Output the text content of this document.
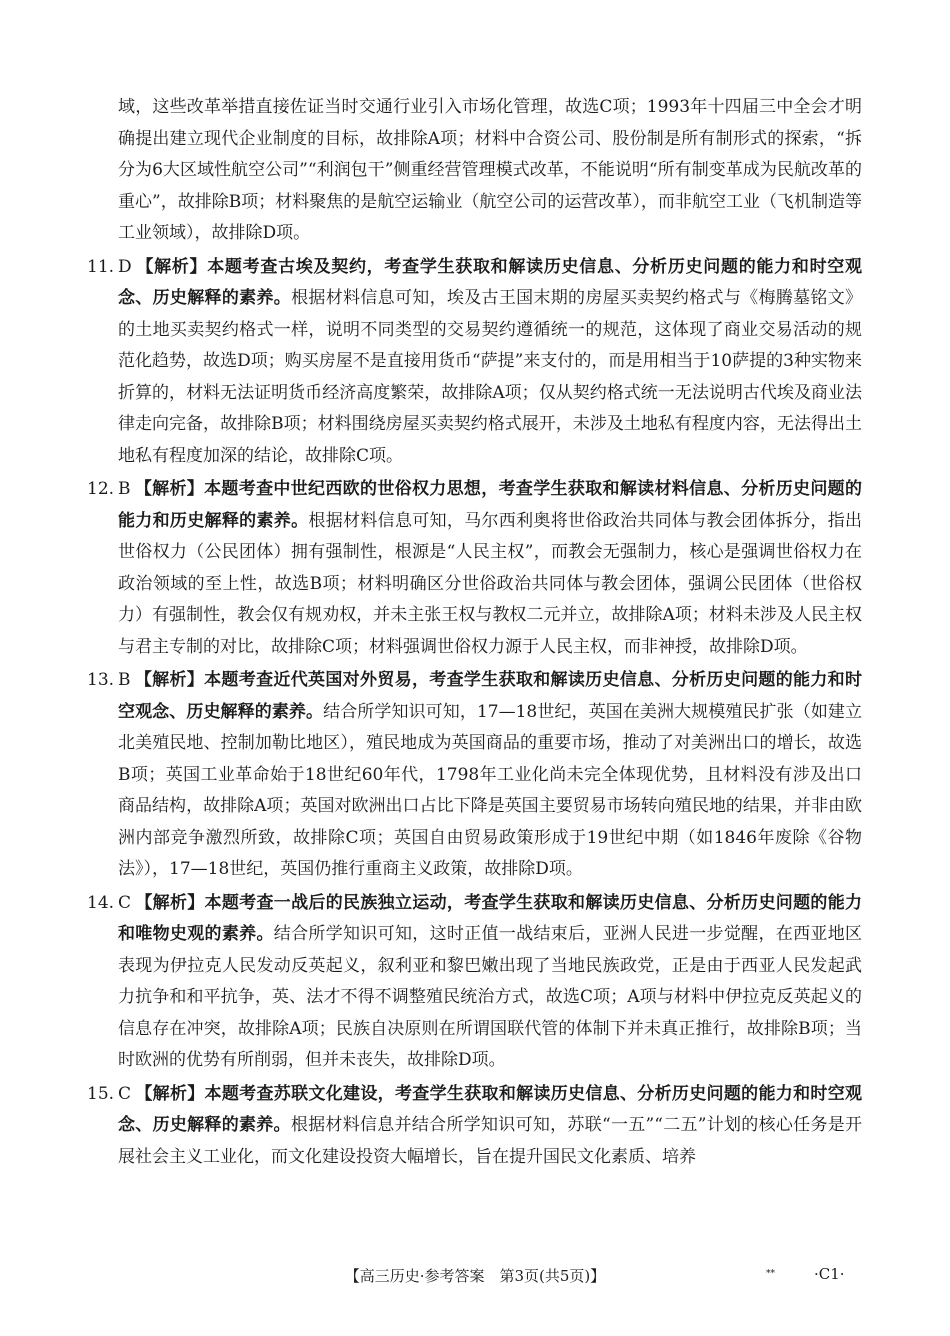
域，这些改革举措直接佐证当时交通行业引入市场化管理，故选C项；1993年十四届三中全会才明确提出建立现代企业制度的目标，故排除A项；材料中合资公司、股份制是所有制形式的探索，“拆分为6大区域性航空公司”“利润包干”侧重经营管理模式改革，不能说明“所有制变革成为民航改革的重心”，故排除B项；材料聚焦的是航空运输业（航空公司的运营改革），而非航空工业（飞机制造等工业领域），故排除D项。

11. D 【解析】本题考查古埃及契约，考查学生获取和解读历史信息、分析历史问题的能力和时空观念、历史解释的素养。根据材料信息可知，埃及古王国末期的房屋买卖契约格式与《梅腾墓铭文》的土地买卖契约格式一样，说明不同类型的交易契约遵循统一的规范，这体现了商业交易活动的规范化趋势，故选D项；购买房屋不是直接用货币“萨提”来支付的，而是用相当于10萨提的3种实物来折算的，材料无法证明货币经济高度繁荣，故排除A项；仅从契约格式统一无法说明古代埃及商业法律走向完备，故排除B项；材料围绕房屋买卖契约格式展开，未涉及土地私有程度内容，无法得出土地私有程度加深的结论，故排除C项。

12. B 【解析】本题考查中世纪西欧的世俗权力思想，考查学生获取和解读材料信息、分析历史问题的能力和历史解释的素养。根据材料信息可知，马尔西利奥将世俗政治共同体与教会团体拆分，指出世俗权力（公民团体）拥有强制性，根源是“人民主权”，而教会无强制力，核心是强调世俗权力在政治领域的至上性，故选B项；材料明确区分世俗政治共同体与教会团体，强调公民团体（世俗权力）有强制性，教会仅有规劝权，并未主张王权与教权二元并立，故排除A项；材料未涉及人民主权与君主专制的对比，故排除C项；材料强调世俗权力源于人民主权，而非神授，故排除D项。

13. B 【解析】本题考查近代英国对外贸易，考查学生获取和解读历史信息、分析历史问题的能力和时空观念、历史解释的素养。结合所学知识可知，17—18世纪，英国在美洲大规模殖民扩张（如建立北美殖民地、控制加勒比地区），殖民地成为英国商品的重要市场，推动了对美洲出口的增长，故选B项；英国工业革命始于18世纪60年代，1798年工业化尚未完全体现优势，且材料没有涉及出口商品结构，故排除A项；英国对欧洲出口占比下降是英国主要贸易市场转向殖民地的结果，并非由欧洲内部竞争激烈所致，故排除C项；英国自由贸易政策形成于19世纪中期（如1846年废除《谷物法》），17—18世纪，英国仍推行重商主义政策，故排除D项。

14. C 【解析】本题考查一战后的民族独立运动，考查学生获取和解读历史信息、分析历史问题的能力和唯物史观的素养。结合所学知识可知，这时正值一战结束后，亚洲人民进一步觉醒，在西亚地区表现为伊拉克人民发动反英起义，叙利亚和黎巴嫩出现了当地民族政党，正是由于西亚人民发起武力抗争和和平抗争，英、法才不得不调整殖民统治方式，故选C项；A项与材料中伊拉克反英起义的信息存在冲突，故排除A项；民族自决原则在所谓国联代管的体制下并未真正推行，故排除B项；当时欧洲的优势有所削弱，但并未丧失，故排除D项。

15. C 【解析】本题考查苏联文化建设，考查学生获取和解读历史信息、分析历史问题的能力和时空观念、历史解释的素养。根据材料信息并结合所学知识可知，苏联“一五”“二五”计划的核心任务是开展社会主义工业化，而文化建设投资大幅增长，旨在提升国民文化素质、培养

【高三历史·参考答案　第3页(共5页)】	**	·C1·
